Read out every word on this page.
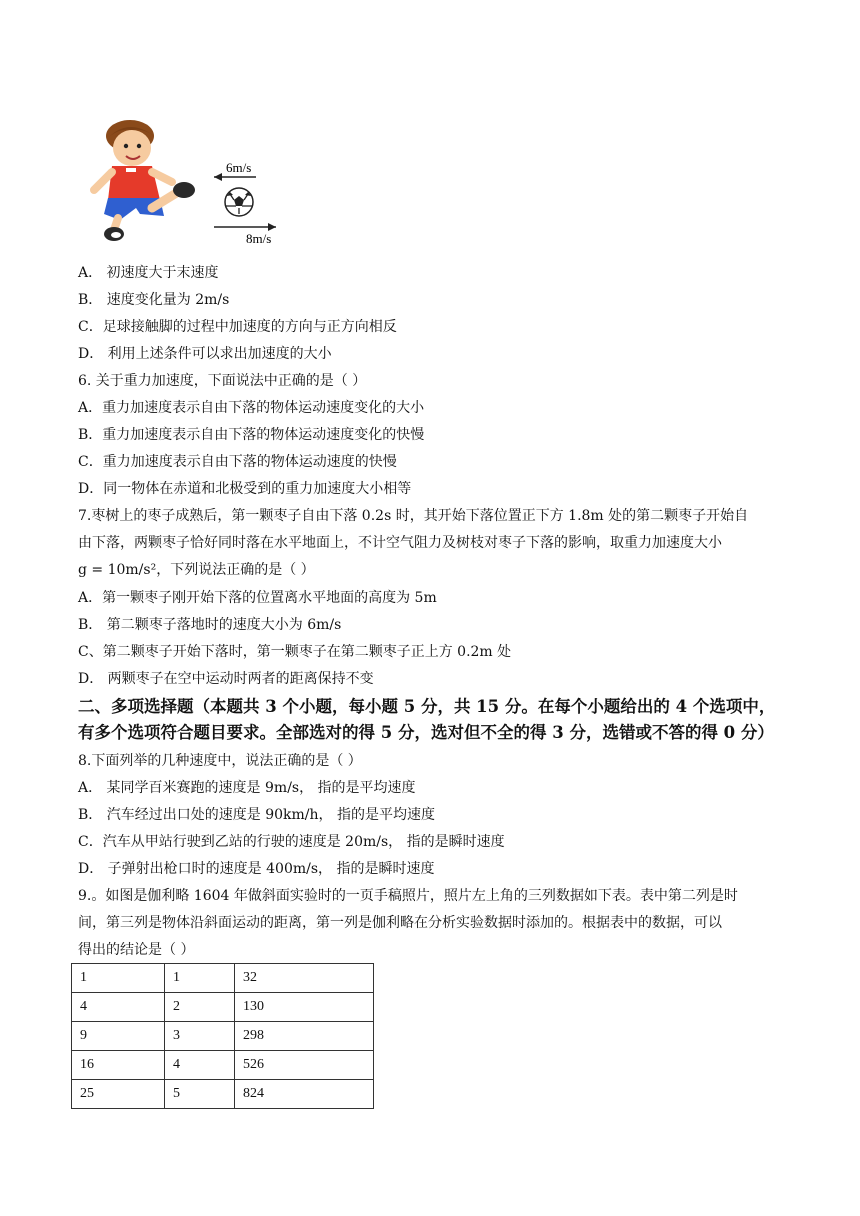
6m/s
8m/s
A． 初速度大于末速度
B． 速度变化量为 2m/s
C．足球接触脚的过程中加速度的方向与正方向相反
D． 利用上述条件可以求出加速度的大小
6. 关于重力加速度，下面说法中正确的是（ ）
A．重力加速度表示自由下落的物体运动速度变化的大小
B．重力加速度表示自由下落的物体运动速度变化的快慢
C．重力加速度表示自由下落的物体运动速度的快慢
D．同一物体在赤道和北极受到的重力加速度大小相等
7.枣树上的枣子成熟后，第一颗枣子自由下落 0.2s 时，其开始下落位置正下方 1.8m 处的第二颗枣子开始自
由下落，两颗枣子恰好同时落在水平地面上，不计空气阻力及树枝对枣子下落的影响，取重力加速度大小
g = 10m/s²，下列说法正确的是（ ）
A．第一颗枣子刚开始下落的位置离水平地面的高度为 5m
B． 第二颗枣子落地时的速度大小为 6m/s
C、第二颗枣子开始下落时，第一颗枣子在第二颗枣子正上方 0.2m 处
D． 两颗枣子在空中运动时两者的距离保持不变
二、多项选择题（本题共 3 个小题，每小题 5 分，共 15 分。在每个小题给出的 4 个选项中，
有多个选项符合题目要求。全部选对的得 5 分，选对但不全的得 3 分，选错或不答的得 0 分）
8.下面列举的几种速度中，说法正确的是（ ）
A． 某同学百米赛跑的速度是 9m/s， 指的是平均速度
B． 汽车经过出口处的速度是 90km/h， 指的是平均速度
C．汽车从甲站行驶到乙站的行驶的速度是 20m/s， 指的是瞬时速度
D． 子弹射出枪口时的速度是 400m/s， 指的是瞬时速度
9.。如图是伽利略 1604 年做斜面实验时的一页手稿照片，照片左上角的三列数据如下表。表中第二列是时
间，第三列是物体沿斜面运动的距离，第一列是伽利略在分析实验数据时添加的。根据表中的数据，可以
得出的结论是（ ）
1	1	32
4	2	130
9	3	298
16	4	526
25	5	824
